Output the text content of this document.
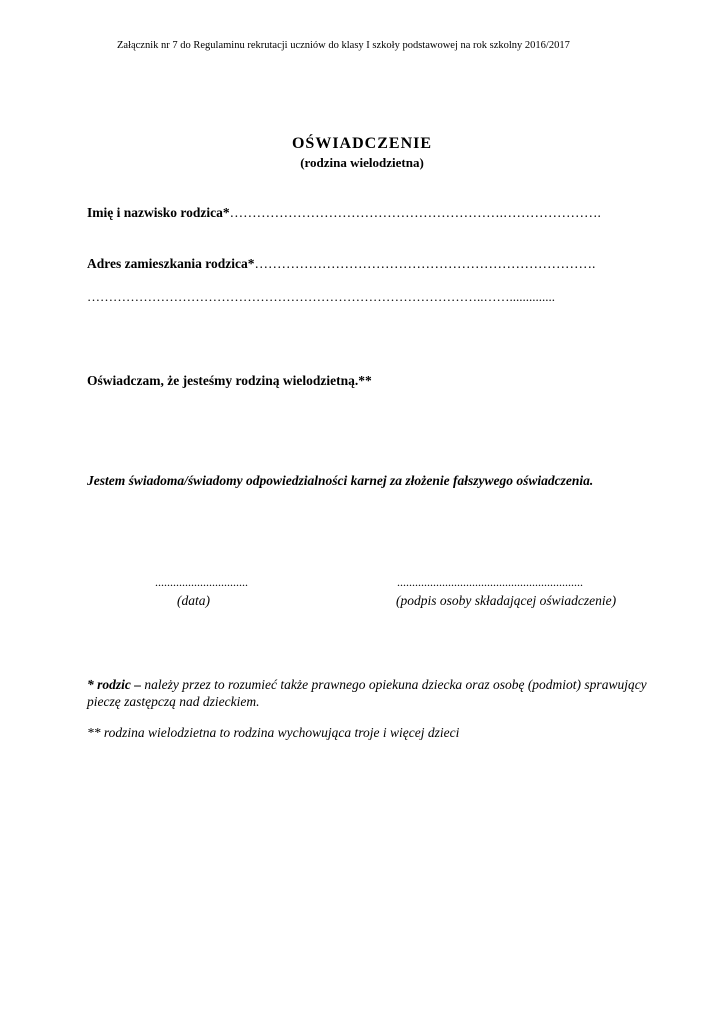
Załącznik nr 7 do Regulaminu rekrutacji uczniów do klasy I szkoły podstawowej na rok szkolny 2016/2017
OŚWIADCZENIE
(rodzina wielodzietna)
Imię i nazwisko rodzica*…………………………………………………….………………….
Adres zamieszkania rodzica*………………………………………………………………….
………………………………………………………………………………..……..............
Oświadczam, że jesteśmy rodziną wielodzietną.**
Jestem świadoma/świadomy odpowiedzialności karnej za złożenie fałszywego oświadczenia.
...............................	..............................................................
(data)	(podpis osoby składającej oświadczenie)
* rodzic – należy przez to rozumieć także prawnego opiekuna dziecka oraz osobę (podmiot) sprawujący pieczę zastępczą nad dzieckiem.
** rodzina wielodzietna to rodzina wychowująca troje i więcej dzieci
